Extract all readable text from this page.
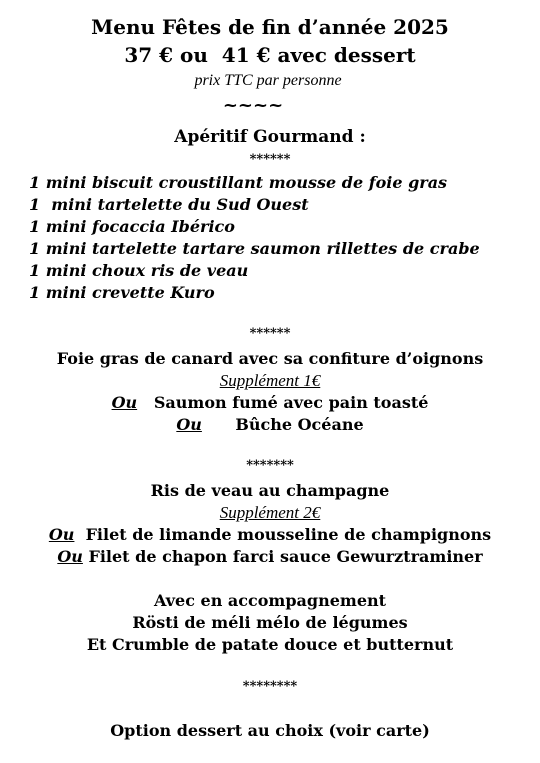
Menu Fêtes de fin d’année 2025
37 € ou  41 € avec dessert
prix TTC par personne
~~~~
Apéritif Gourmand :
******
1 mini biscuit croustillant mousse de foie gras
1  mini tartelette du Sud Ouest
1 mini focaccia Ibérico
1 mini tartelette tartare saumon rillettes de crabe
1 mini choux ris de veau
1 mini crevette Kuro
******
Foie gras de canard avec sa confiture d’oignons
Supplément 1€
Ou Saumon fumé avec pain toasté
Ou Bûche Océane
*******
Ris de veau au champagne
Supplément 2€
Ou Filet de limande mousseline de champignons
Ou Filet de chapon farci sauce Gewurztraminer
Avec en accompagnement
Rösti de méli mélo de légumes
Et Crumble de patate douce et butternut
********
Option dessert au choix (voir carte)
